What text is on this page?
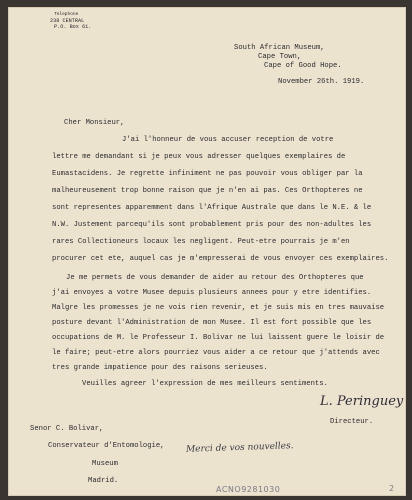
Telephone
238 CENTRAL
P.O. Box 61.
South African Museum,
Cape Town,
Cape of Good Hope.
November 26th. 1919.
Cher Monsieur,
J'ai l'honneur de vous accuser reception de votre
lettre me demandant si je peux vous adresser quelques exemplaires de
Eumastacidens. Je regrette infiniment ne pas pouvoir vous obliger par la
malheureusement trop bonne raison que je n'en ai pas. Ces Orthopteres ne
sont representes apparemment dans l'Afrique Australe que dans le N.E. & le
N.W. Justement parcequ'ils sont probablement pris pour des non-adultes les
rares Collectioneurs locaux les negligent. Peut-etre pourrais je m'en
procurer cet ete, auquel cas je m'empresserai de vous envoyer ces exemplaires.
Je me permets de vous demander de aider au retour des Orthopteres que
j'ai envoyes a votre Musee depuis plusieurs annees pour y etre identifies.
Malgre les promesses je ne vois rien revenir, et je suis mis en tres mauvaise
posture devant l'Administration de mon Musee. Il est fort possible que les
occupations de M. le Professeur I. Bolivar ne lui laissent guere le loisir de
le faire; peut-etre alors pourriez vous aider a ce retour que j'attends avec
tres grande impatience pour des raisons serieuses.
Veuilles agreer l'expression de mes meilleurs sentiments.
L. Peringuey
Directeur.
Senor C. Bolivar,
Conservateur d'Entomologie,
Museum
Madrid.
Merci de vos nouvelles.
ACNO9281030	2
